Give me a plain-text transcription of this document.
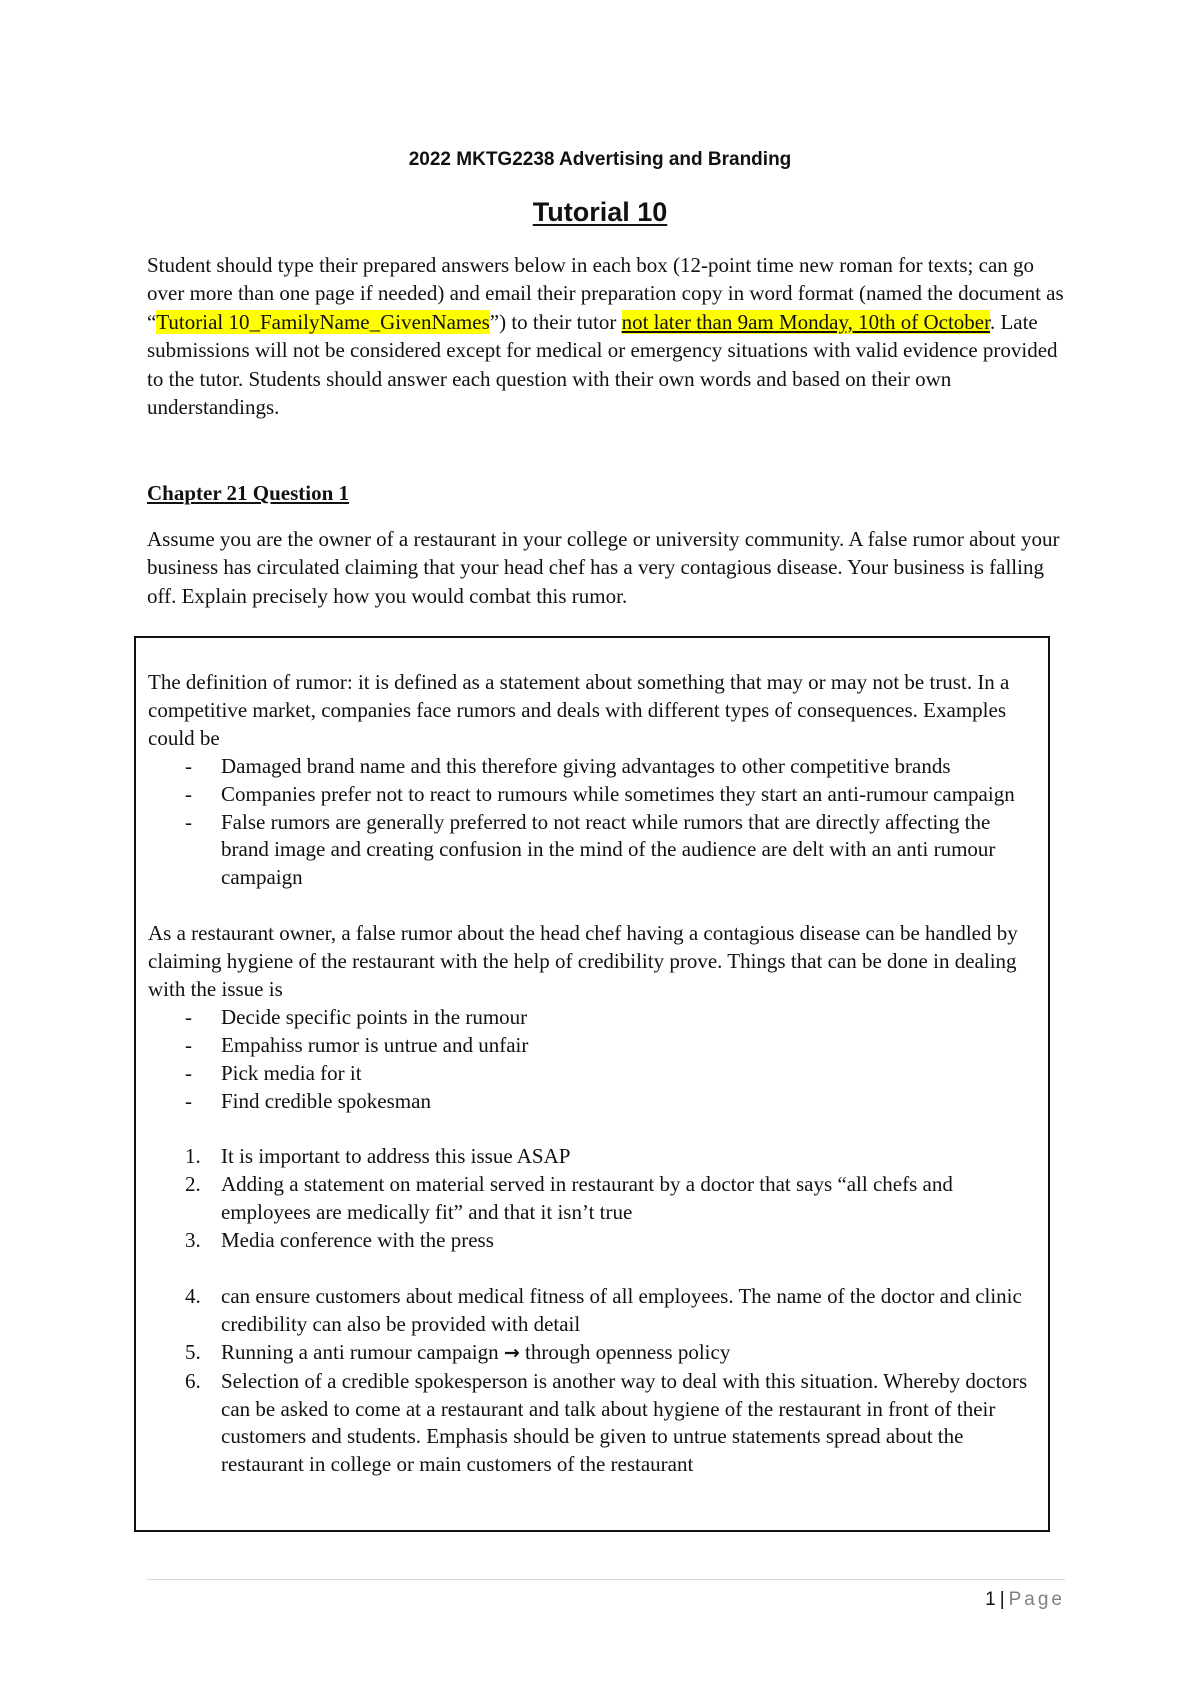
2022 MKTG2238 Advertising and Branding
Tutorial 10

Student should type their prepared answers below in each box (12-point time new roman for texts; can go over more than one page if needed) and email their preparation copy in word format (named the document as “Tutorial 10_FamilyName_GivenNames”) to their tutor not later than 9am Monday, 10th of October. Late submissions will not be considered except for medical or emergency situations with valid evidence provided to the tutor. Students should answer each question with their own words and based on their own understandings.

Chapter 21 Question 1

Assume you are the owner of a restaurant in your college or university community. A false rumor about your business has circulated claiming that your head chef has a very contagious disease. Your business is falling off. Explain precisely how you would combat this rumor.

The definition of rumor: it is defined as a statement about something that may or may not be trust. In a competitive market, companies face rumors and deals with different types of consequences. Examples could be

- Damaged brand name and this therefore giving advantages to other competitive brands
- Companies prefer not to react to rumours while sometimes they start an anti-rumour campaign
- False rumors are generally preferred to not react while rumors that are directly affecting the brand image and creating confusion in the mind of the audience are delt with an anti rumour campaign

As a restaurant owner, a false rumor about the head chef having a contagious disease can be handled by claiming hygiene of the restaurant with the help of credibility prove. Things that can be done in dealing with the issue is

- Decide specific points in the rumour
- Empahiss rumor is untrue and unfair
- Pick media for it
- Find credible spokesman
1. It is important to address this issue ASAP
2. Adding a statement on material served in restaurant by a doctor that says “all chefs and employees are medically fit” and that it isn’t true
3. Media conference with the press
4. can ensure customers about medical fitness of all employees. The name of the doctor and clinic credibility can also be provided with detail
5. Running a anti rumour campaign → through openness policy
6. Selection of a credible spokesperson is another way to deal with this situation. Whereby doctors can be asked to come at a restaurant and talk about hygiene of the restaurant in front of their customers and students. Emphasis should be given to untrue statements spread about the restaurant in college or main customers of the restaurant
1 | Page
